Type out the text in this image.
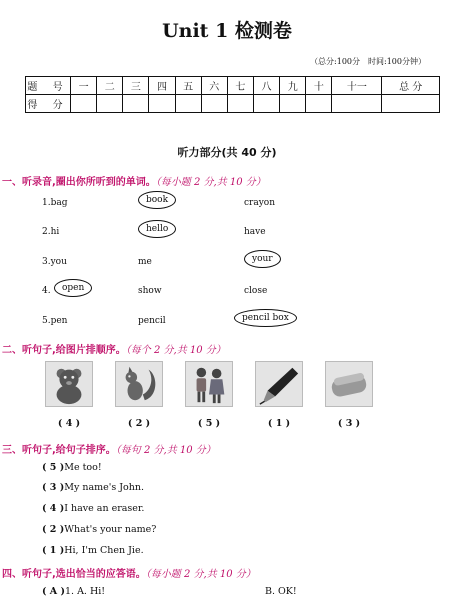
Unit 1 检测卷
（总分:100分　时间:100分钟）
题 号	一	二	三	四	五	六	七	八	九	十	十一	总 分
得 分												
听力部分(共 40 分)
一、听录音,圈出你所听到的单词。（每小题 2 分,共 10 分）
1.bag	book	crayon
2.hi	hello	have
3.you	me	your
4.	open	show	close
5.pen	pencil	pencil box
二、听句子,给图片排顺序。（每个 2 分,共 10 分）
( 4 )	( 2 )	( 5 )	( 1 )	( 3 )
三、听句子,给句子排序。（每句 2 分,共 10 分）
( 5 )Me too!
( 3 )My name's John.
( 4 )I have an eraser.
( 2 )What's your name?
( 1 )Hi, I'm Chen Jie.
四、听句子,选出恰当的应答语。（每小题 2 分,共 10 分）
( A )1. A. Hi!	B. OK!
